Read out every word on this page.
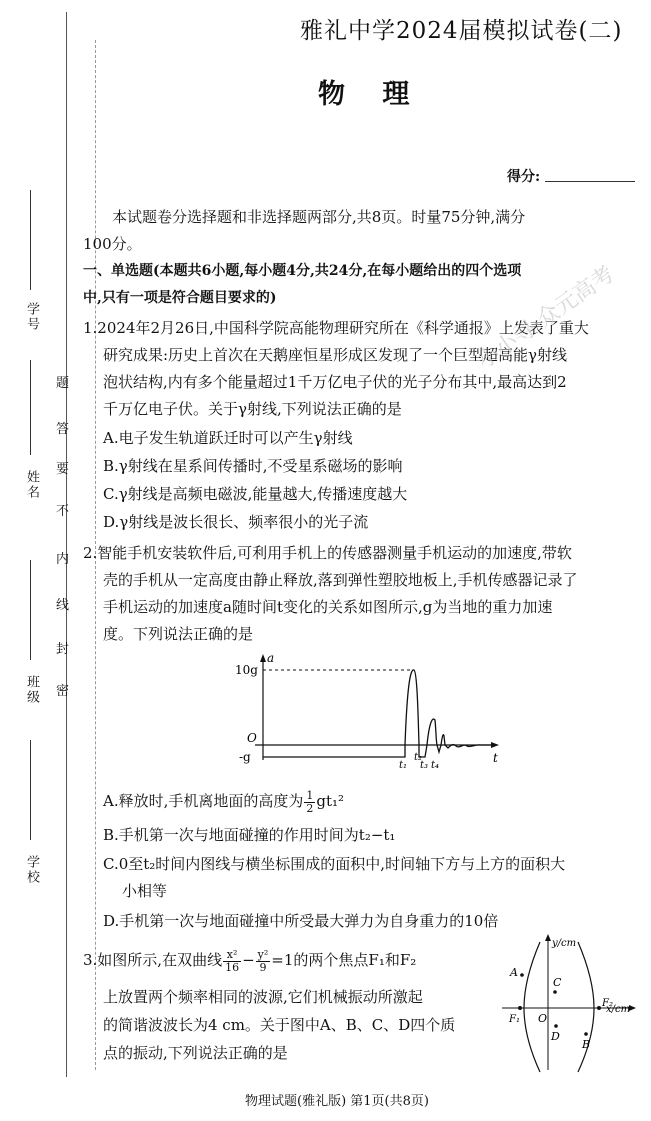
学号
姓名
班级
学校
题
答
要
不
内
线
封
密
雅礼中学2024届模拟试卷(二)
物 理
得分:
本试题卷分选择题和非选择题两部分,共8页。时量75分钟,满分
100分。
一、单选题(本题共6小题,每小题4分,共24分,在每小题给出的四个选项
中,只有一项是符合题目要求的)
1.2024年2月26日,中国科学院高能物理研究所在《科学通报》上发表了重大
研究成果:历史上首次在天鹅座恒星形成区发现了一个巨型超高能γ射线
泡状结构,内有多个能量超过1千万亿电子伏的光子分布其中,最高达到2
千万亿电子伏。关于γ射线,下列说法正确的是
A.电子发生轨道跃迁时可以产生γ射线
B.γ射线在星系间传播时,不受星系磁场的影响
C.γ射线是高频电磁波,能量越大,传播速度越大
D.γ射线是波长很长、频率很小的光子流
小小寻·众元高考
2.智能手机安装软件后,可利用手机上的传感器测量手机运动的加速度,带软
壳的手机从一定高度由静止释放,落到弹性塑胶地板上,手机传感器记录了
手机运动的加速度a随时间t变化的关系如图所示,g为当地的重力加速
度。下列说法正确的是
a
10g
O
-g	t
t₁
t₂
t₃ t₄
A.释放时,手机离地面的高度为 $\frac{1}{2} gt_1^2$
B.手机第一次与地面碰撞的作用时间为t₂−t₁
C.0至t₂时间内图线与横坐标围成的面积中,时间轴下方与上方的面积大
小相等
D.手机第一次与地面碰撞中所受最大弹力为自身重力的10倍
3.如图所示,在双曲线 $\frac{\text{x²}}{16} - \frac{\text{y²}}{9} =1$的两个焦点F₁和F₂
上放置两个频率相同的波源,它们机械振动所激起
的简谐波波长为4 cm。关于图中A、B、C、D四个质
点的振动,下列说法正确的是
y/cm
x/cm
O
F₁
F₂
A
C
D
B
物理试题(雅礼版) 第1页(共8页)
